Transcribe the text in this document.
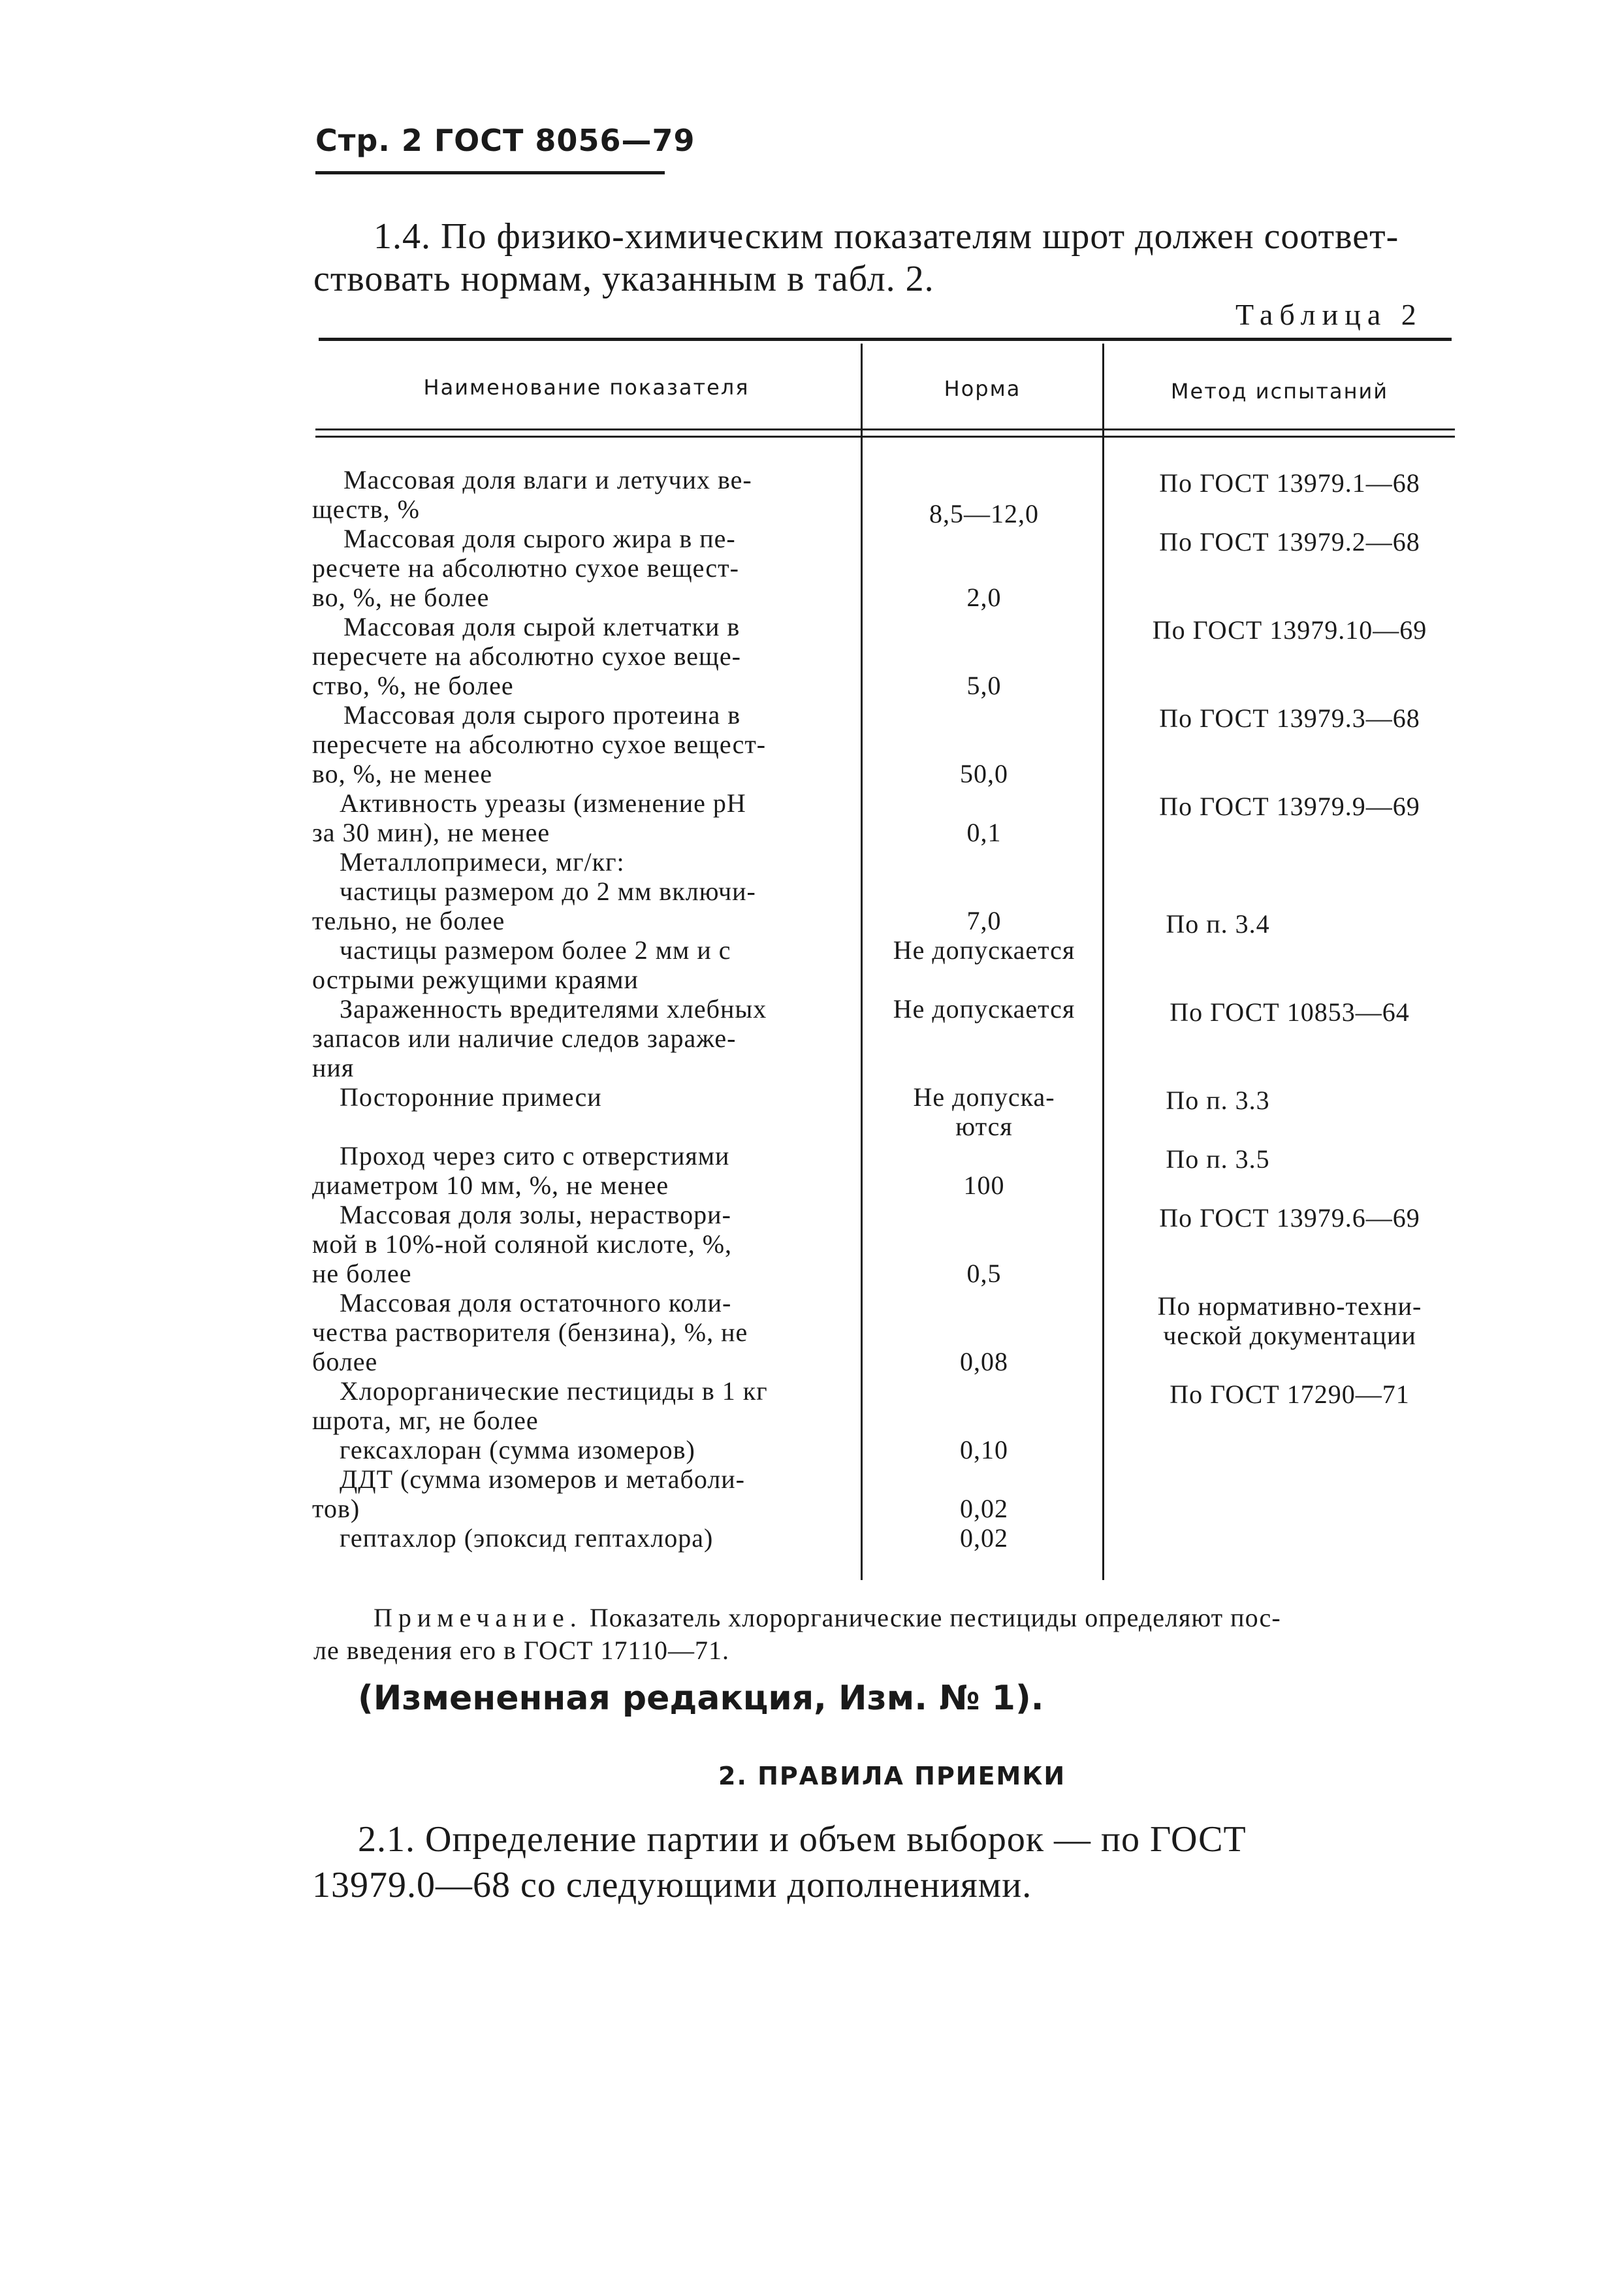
Стр. 2 ГОСТ 8056—79
1.4. По физико-химическим показателям шрот должен соответ-
ствовать нормам, указанным в табл. 2.
Таблица 2
Наименование показателя	Норма	Метод испытаний
Массовая доля влаги и летучих ве-
ществ, %
Массовая доля сырого жира в пе-
ресчете на абсолютно сухое вещест-
во, %, не более
Массовая доля сырой клетчатки в
пересчете на абсолютно сухое веще-
ство, %, не более
Массовая доля сырого протеина в
пересчете на абсолютно сухое вещест-
во, %, не менее
Активность уреазы (изменение рН
за 30 мин), не менее
Металлопримеси, мг/кг:
частицы размером до 2 мм включи-
тельно, не более
частицы размером более 2 мм и с
острыми режущими краями
Зараженность вредителями хлебных
запасов или наличие следов зараже-
ния
Посторонние примеси
Проход через сито с отверстиями
диаметром 10 мм, %, не менее
Массовая доля золы, нераствори-
мой в 10%-ной соляной кислоте, %,
не более
Массовая доля остаточного коли-
чества растворителя (бензина), %, не
более
Хлорорганические пестициды в 1 кг
шрота, мг, не более
гексахлоран (сумма изомеров)
ДДТ (сумма изомеров и метаболи-
тов)
гептахлор (эпоксид гептахлора)
8,5—12,0
2,0
5,0
50,0
0,1
7,0
Не допускается
Не допускается
Не допуска-
ются
100
0,5
0,08
0,10
0,02
0,02
По ГОСТ 13979.1—68
По ГОСТ 13979.2—68
По ГОСТ 13979.10—69
По ГОСТ 13979.3—68
По ГОСТ 13979.9—69
По п. 3.4
По ГОСТ 10853—64
По п. 3.3
По п. 3.5
По ГОСТ 13979.6—69
По нормативно-техни-
ческой документации
По ГОСТ 17290—71
Примечание. Показатель хлорорганические пестициды определяют пос-
ле введения его в ГОСТ 17110—71.
(Измененная редакция, Изм. № 1).
2. ПРАВИЛА ПРИЕМКИ
2.1. Определение партии и объем выборок — по ГОСТ
13979.0—68 со следующими дополнениями.
